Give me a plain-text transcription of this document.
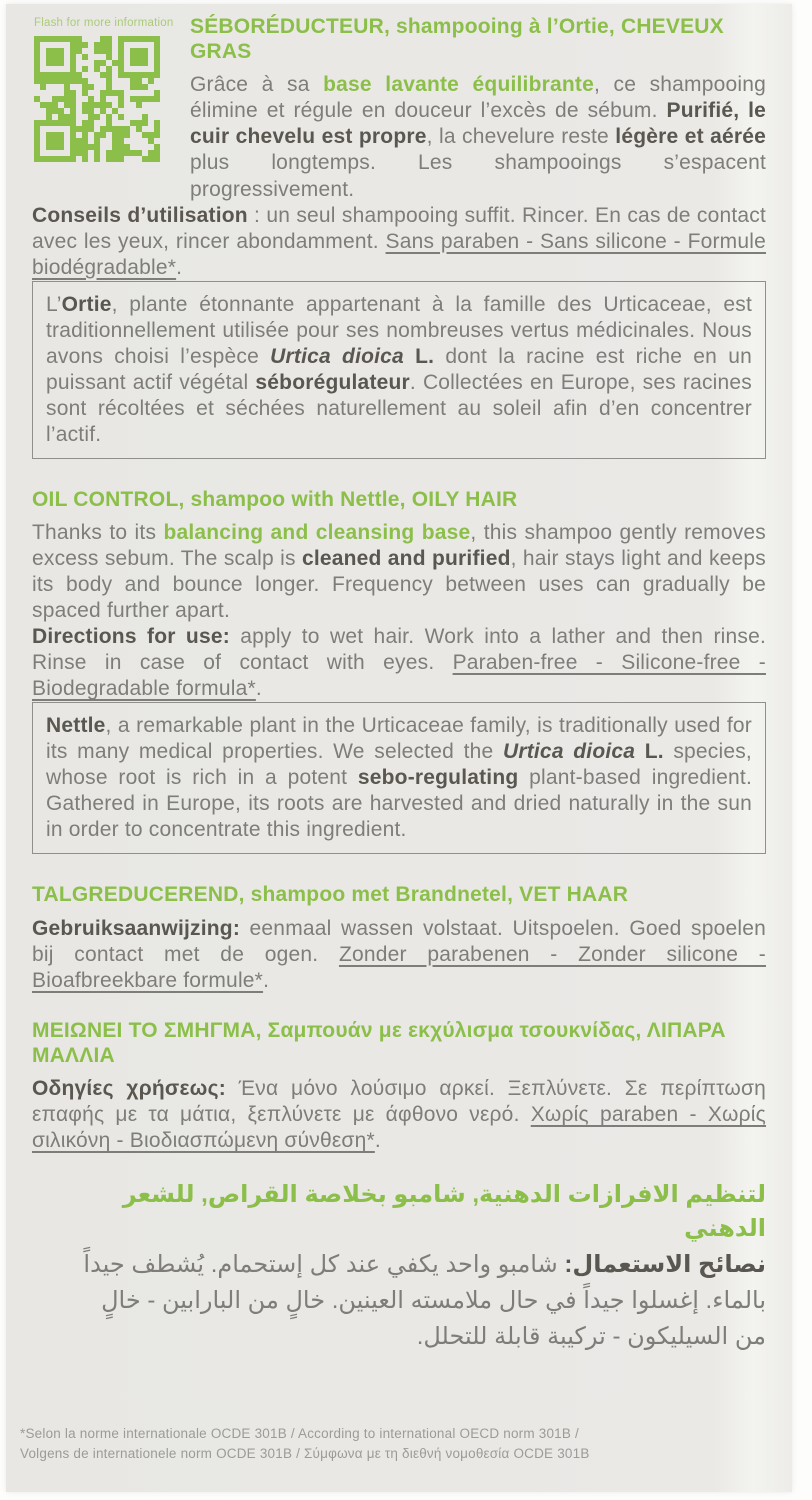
Flash for more information SÉBORÉDUCTEUR, shampooing à l’Ortie, CHEVEUX GRAS

Grâce à sa base lavante équilibrante, ce shampooing élimine et régule en douceur l’excès de sébum. Purifié, le cuir chevelu est propre, la chevelure reste légère et aérée plus longtemps. Les shampooings s’espacent progressivement.

Conseils d’utilisation : un seul shampooing suffit. Rincer. En cas de contact avec les yeux, rincer abondamment. Sans paraben - Sans silicone - Formule biodégradable*.

L’Ortie, plante étonnante appartenant à la famille des Urticaceae, est traditionnellement utilisée pour ses nombreuses vertus médicinales. Nous avons choisi l’espèce Urtica dioica L. dont la racine est riche en un puissant actif végétal séborégulateur. Collectées en Europe, ses racines sont récoltées et séchées naturellement au soleil afin d’en concentrer l’actif.

OIL CONTROL, shampoo with Nettle, OILY HAIR

Thanks to its balancing and cleansing base, this shampoo gently removes excess sebum. The scalp is cleaned and purified, hair stays light and keeps its body and bounce longer. Frequency between uses can gradually be spaced further apart.

Directions for use: apply to wet hair. Work into a lather and then rinse. Rinse in case of contact with eyes. Paraben-free - Silicone-free - Biodegradable formula*.

Nettle, a remarkable plant in the Urticaceae family, is traditionally used for its many medical properties. We selected the Urtica dioica L. species, whose root is rich in a potent sebo-regulating plant-based ingredient. Gathered in Europe, its roots are harvested and dried naturally in the sun in order to concentrate this ingredient.

TALGREDUCEREND, shampoo met Brandnetel, VET HAAR

Gebruiksaanwijzing: eenmaal wassen volstaat. Uitspoelen. Goed spoelen bij contact met de ogen. Zonder parabenen - Zonder silicone - Bioafbreekbare formule*.

ΜΕΙΩΝΕΙ ΤΟ ΣΜΗΓΜΑ, Σαμπουάν με εκχύλισμα τσουκνίδας, ΛΙΠΑΡΑ ΜΑΛΛΙΑ

Οδηγίες χρήσεως: Ένα μόνο λούσιμο αρκεί. Ξεπλύνετε. Σε περίπτωση επαφής με τα μάτια, ξεπλύνετε με άφθονο νερό. Χωρίς paraben - Χωρίς σιλικόνη - Βιοδιασπώμενη σύνθεση*.

لتنظيم الافرازات الدهنية, شامبو بخلاصة القراص, للشعر الدهني

نصائح الاستعمال: شامبو واحد يكفي عند كل إستحمام. يُشطف جيداً بالماء. إغسلوا جيداً في حال ملامسته العينين. خالٍ من البارابين - خالٍ من السيليكون - تركيبة قابلة للتحلل.

*Selon la norme internationale OCDE 301B / According to international OECD norm 301B /
Volgens de internationele norm OCDE 301B / Σύμφωνα με τη διεθνή νομοθεσία OCDE 301B
